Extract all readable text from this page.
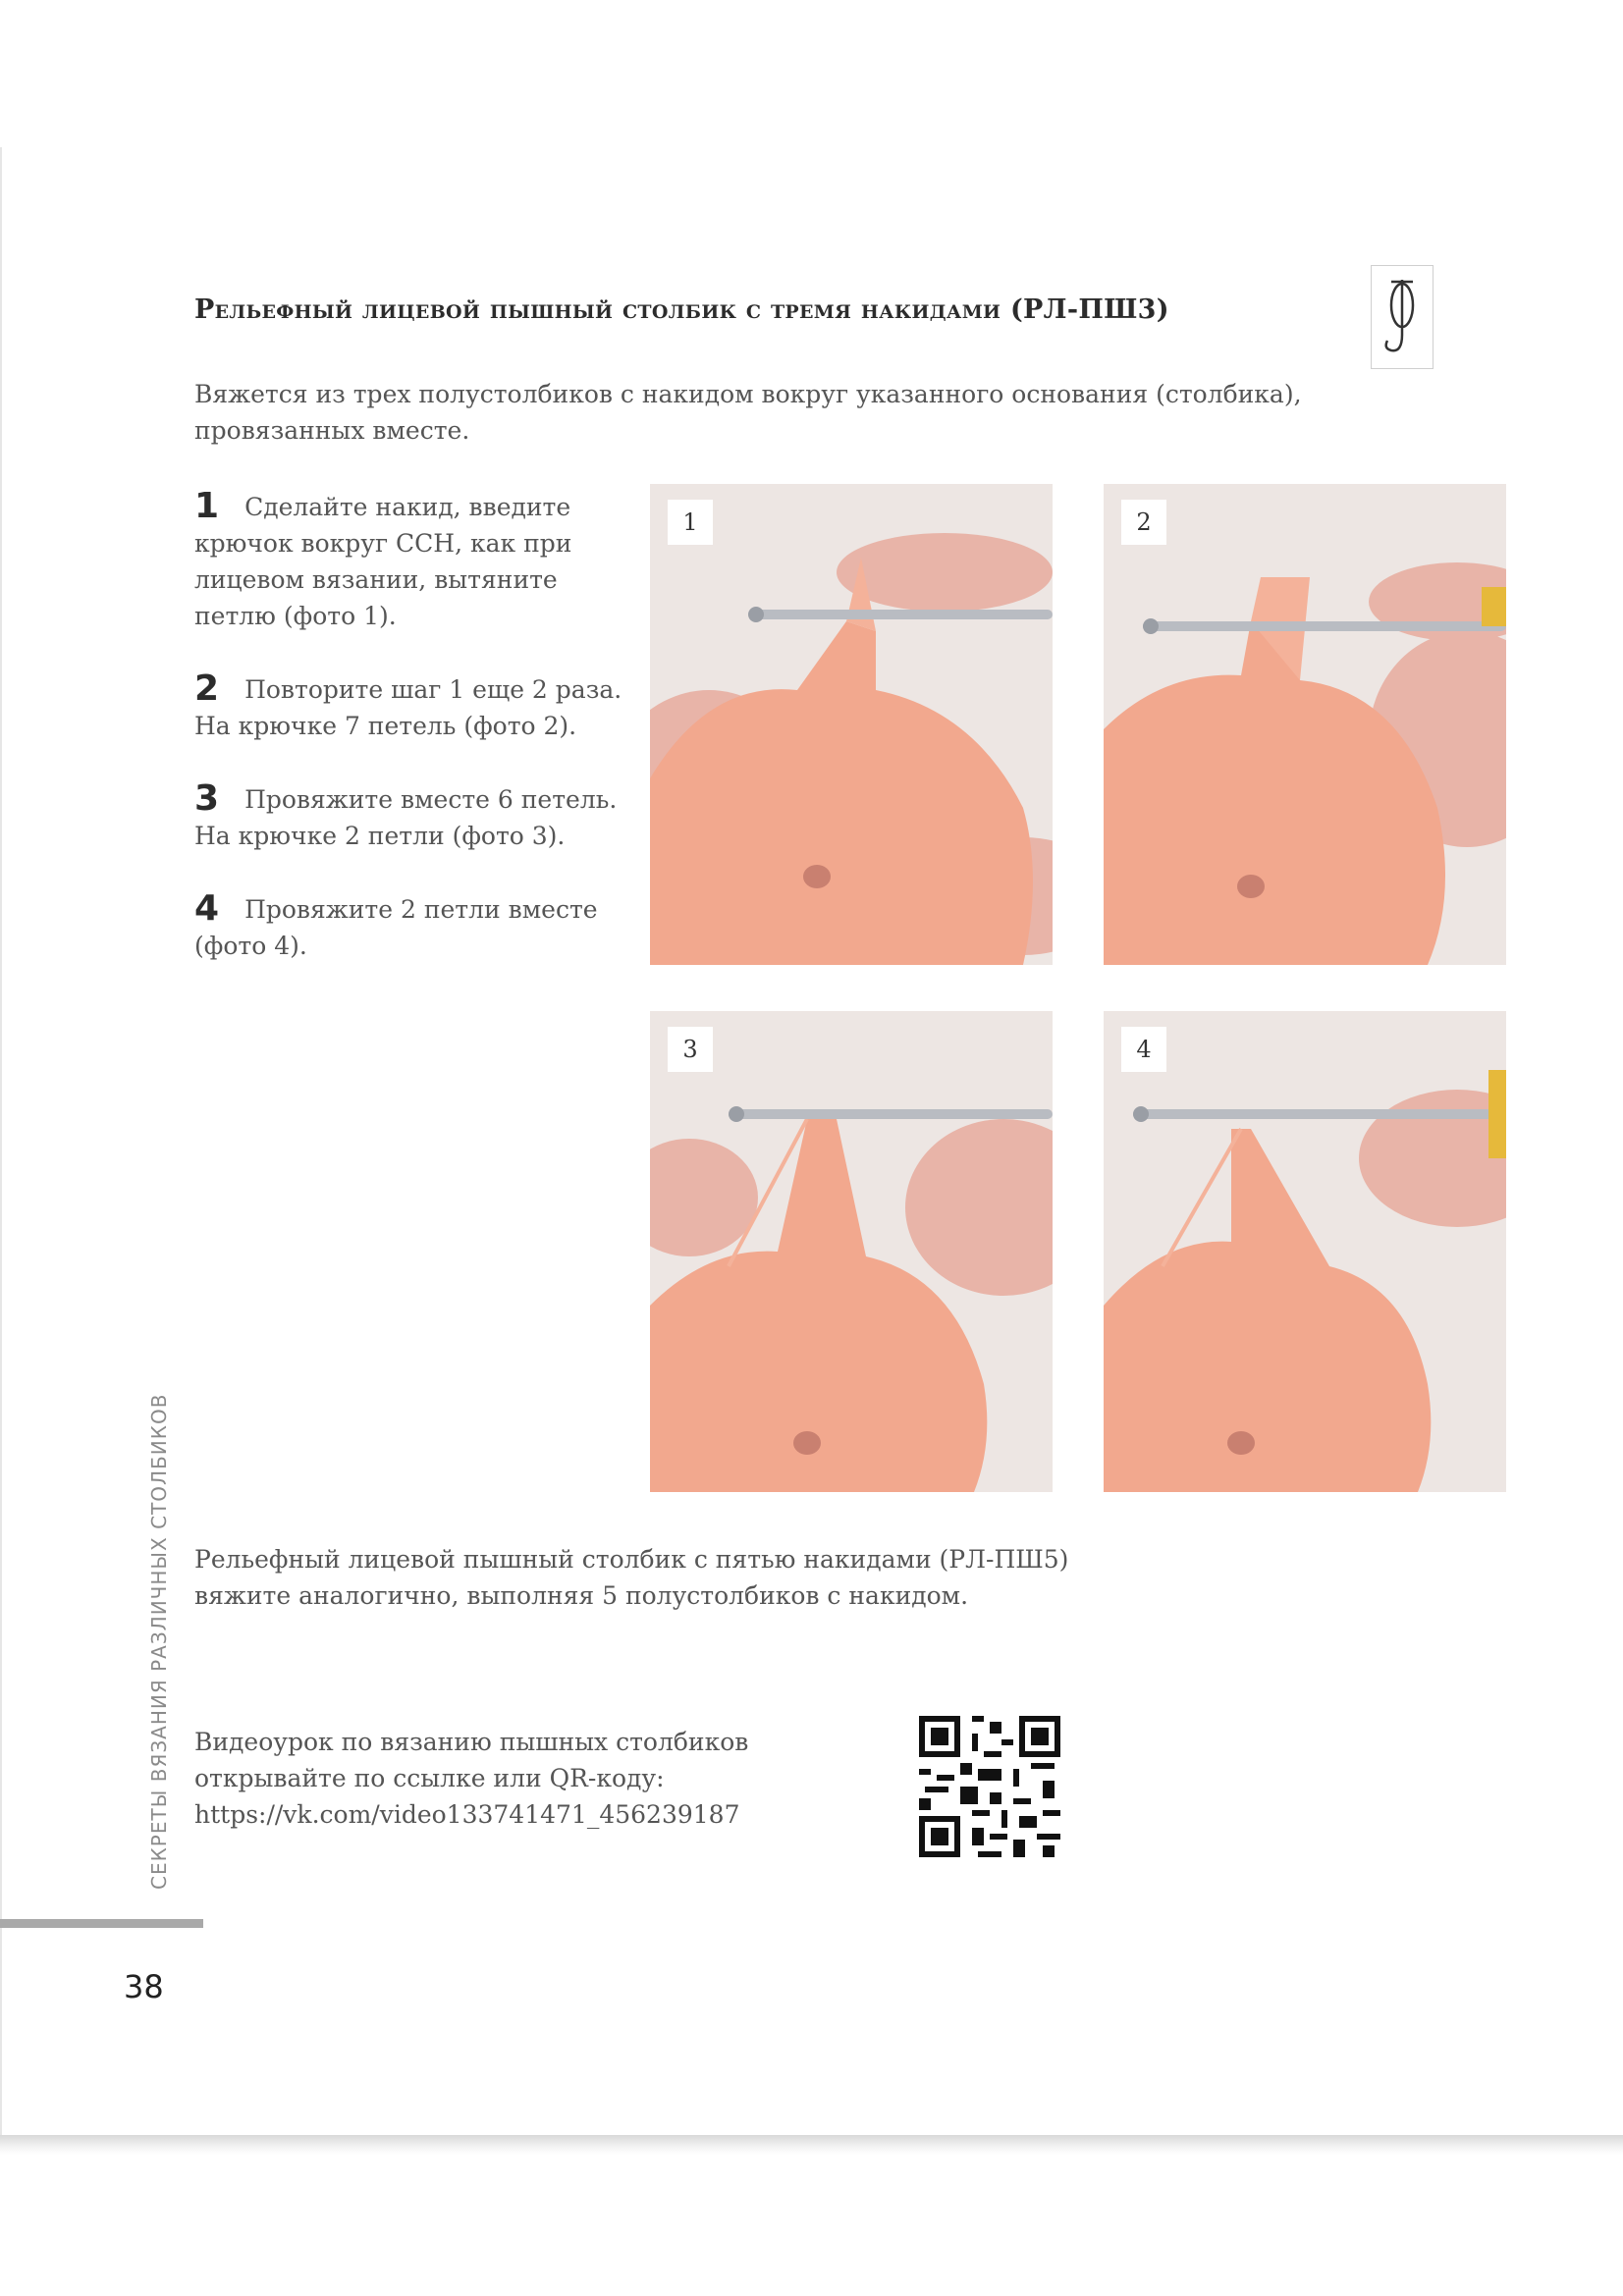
Рельефный лицевой пышный столбик с тремя накидами (РЛ-ПШ3)
Вяжется из трех полустолбиков с накидом вокруг указанного основания (столбика), провязанных вместе.
1 Сделайте накид, введите крючок вокруг ССН, как при лицевом вязании, вытяните петлю (фото 1).
2 Повторите шаг 1 еще 2 раза. На крючке 7 петель (фото 2).
3 Провяжите вместе 6 петель. На крючке 2 петли (фото 3).
4 Провяжите 2 петли вместе (фото 4).
1	2
3	4
Рельефный лицевой пышный столбик с пятью накидами (РЛ-ПШ5) вяжите аналогично, выполняя 5 полустолбиков с накидом.
Видеоурок по вязанию пышных столбиков открывайте по ссылке или QR-коду:
https://vk.com/video133741471_456239187
СЕКРЕТЫ ВЯЗАНИЯ РАЗЛИЧНЫХ СТОЛБИКОВ
38
